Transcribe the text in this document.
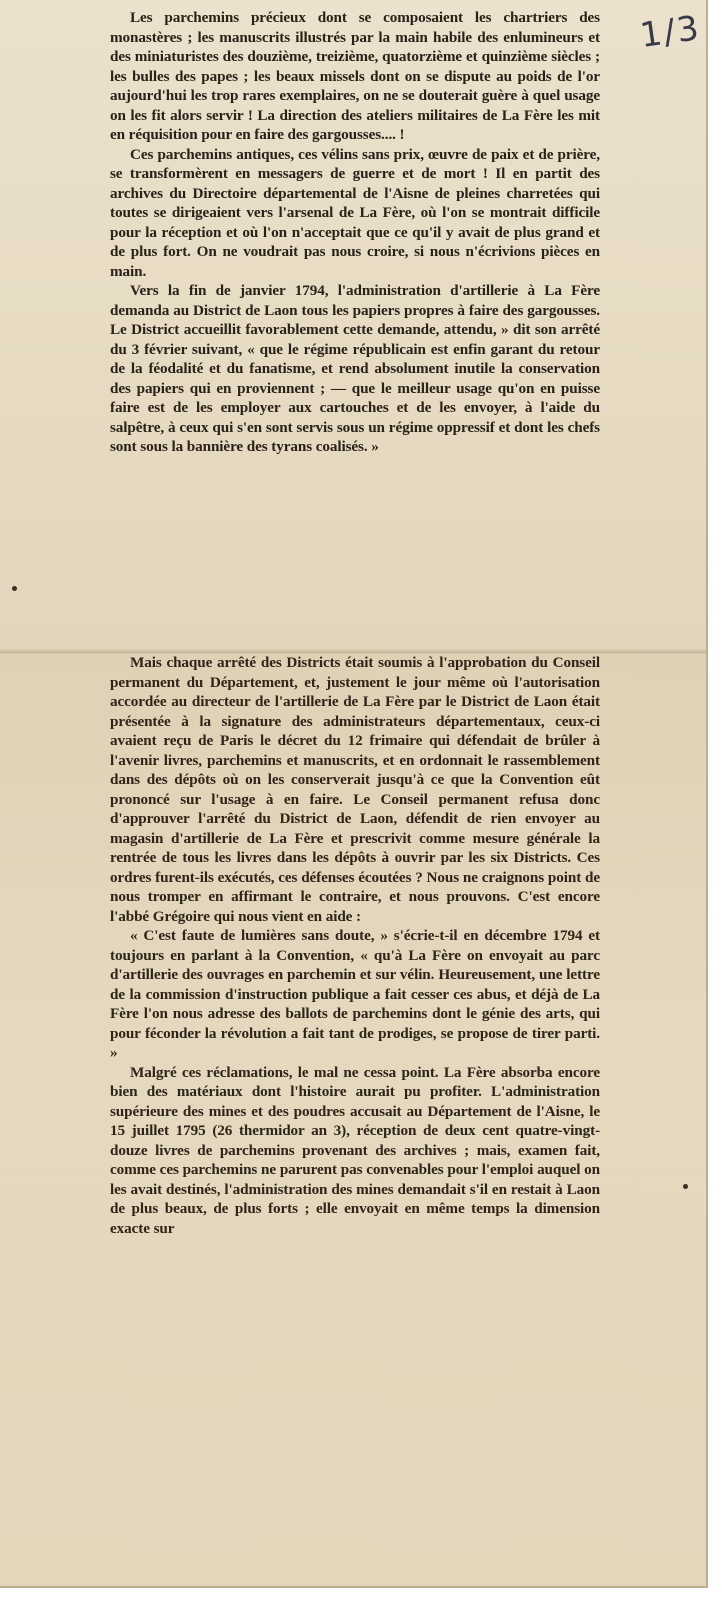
1/3

Les parchemins précieux dont se composaient les chartriers des monastères ; les manuscrits illustrés par la main habile des enlumineurs et des miniaturistes des douzième, treizième, quatorzième et quinzième siècles ; les bulles des papes ; les beaux missels dont on se dispute au poids de l'or aujourd'hui les trop rares exemplaires, on ne se douterait guère à quel usage on les fit alors servir ! La direction des ateliers militaires de La Fère les mit en réquisition pour en faire des gargousses.... !

Ces parchemins antiques, ces vélins sans prix, œuvre de paix et de prière, se transformèrent en messagers de guerre et de mort ! Il en partit des archives du Directoire départemental de l'Aisne de pleines charretées qui toutes se dirigeaient vers l'arsenal de La Fère, où l'on se montrait difficile pour la réception et où l'on n'acceptait que ce qu'il y avait de plus grand et de plus fort. On ne voudrait pas nous croire, si nous n'écrivions pièces en main.

Vers la fin de janvier 1794, l'administration d'artillerie à La Fère demanda au District de Laon tous les papiers propres à faire des gargousses. Le District accueillit favorablement cette demande, attendu, » dit son arrêté du 3 février suivant, « que le régime républicain est enfin garant du retour de la féodalité et du fanatisme, et rend absolument inutile la conservation des papiers qui en proviennent ; — que le meilleur usage qu'on en puisse faire est de les employer aux cartouches et de les envoyer, à l'aide du salpêtre, à ceux qui s'en sont servis sous un régime oppressif et dont les chefs sont sous la bannière des tyrans coalisés. »

Mais chaque arrêté des Districts était soumis à l'approbation du Conseil permanent du Département, et, justement le jour même où l'autorisation accordée au directeur de l'artillerie de La Fère par le District de Laon était présentée à la signature des administrateurs départementaux, ceux-ci avaient reçu de Paris le décret du 12 frimaire qui défendait de brûler à l'avenir livres, parchemins et manuscrits, et en ordonnait le rassemblement dans des dépôts où on les conserverait jusqu'à ce que la Convention eût prononcé sur l'usage à en faire. Le Conseil permanent refusa donc d'approuver l'arrêté du District de Laon, défendit de rien envoyer au magasin d'artillerie de La Fère et prescrivit comme mesure générale la rentrée de tous les livres dans les dépôts à ouvrir par les six Districts. Ces ordres furent-ils exécutés, ces défenses écoutées ? Nous ne craignons point de nous tromper en affirmant le contraire, et nous prouvons. C'est encore l'abbé Grégoire qui nous vient en aide :

« C'est faute de lumières sans doute, » s'écrie-t-il en décembre 1794 et toujours en parlant à la Convention, « qu'à La Fère on envoyait au parc d'artillerie des ouvrages en parchemin et sur vélin. Heureusement, une lettre de la commission d'instruction publique a fait cesser ces abus, et déjà de La Fère l'on nous adresse des ballots de parchemins dont le génie des arts, qui pour féconder la révolution a fait tant de prodiges, se propose de tirer parti. »

Malgré ces réclamations, le mal ne cessa point. La Fère absorba encore bien des matériaux dont l'histoire aurait pu profiter. L'administration supérieure des mines et des poudres accusait au Département de l'Aisne, le 15 juillet 1795 (26 thermidor an 3), réception de deux cent quatre-vingt-douze livres de parchemins provenant des archives ; mais, examen fait, comme ces parchemins ne parurent pas convenables pour l'emploi auquel on les avait destinés, l'administration des mines demandait s'il en restait à Laon de plus beaux, de plus forts ; elle envoyait en même temps la dimension exacte sur
